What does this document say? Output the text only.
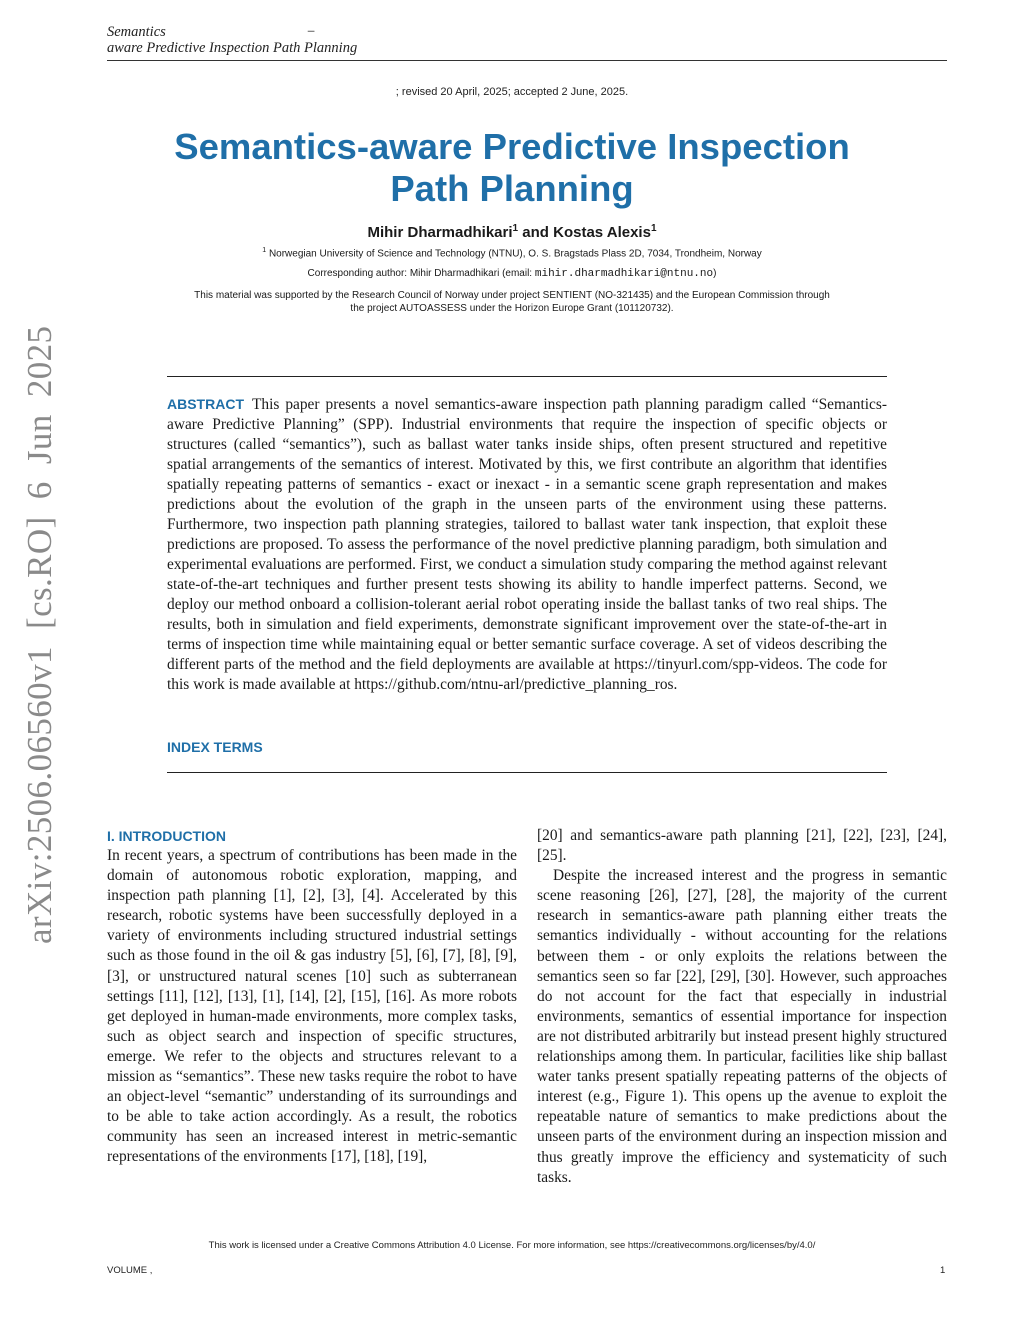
Semantics	−
aware Predictive Inspection Path Planning
; revised 20 April, 2025; accepted 2 June, 2025.
Semantics-aware Predictive Inspection Path Planning
Mihir Dharmadhikari$^1$ and Kostas Alexis$^1$
$^1$ Norwegian University of Science and Technology (NTNU), O. S. Bragstads Plass 2D, 7034, Trondheim, Norway
Corresponding author: Mihir Dharmadhikari (email: mihir.dharmadhikari@ntnu.no)
This material was supported by the Research Council of Norway under project SENTIENT (NO-321435) and the European Commission through the project AUTOASSESS under the Horizon Europe Grant (101120732).
arXiv:2506.06560v1 [cs.RO] 6 Jun 2025	ABSTRACT This paper presents a novel semantics-aware inspection path planning paradigm called “Semantics-aware Predictive Planning” (SPP). Industrial environments that require the inspection of specific objects or structures (called “semantics”), such as ballast water tanks inside ships, often present structured and repetitive spatial arrangements of the semantics of interest. Motivated by this, we first contribute an algorithm that identifies spatially repeating patterns of semantics - exact or inexact - in a semantic scene graph representation and makes predictions about the evolution of the graph in the unseen parts of the environment using these patterns. Furthermore, two inspection path planning strategies, tailored to ballast water tank inspection, that exploit these predictions are proposed. To assess the performance of the novel predictive planning paradigm, both simulation and experimental evaluations are performed. First, we conduct a simulation study comparing the method against relevant state-of-the-art techniques and further present tests showing its ability to handle imperfect patterns. Second, we deploy our method onboard a collision-tolerant aerial robot operating inside the ballast tanks of two real ships. The results, both in simulation and field experiments, demonstrate significant improvement over the state-of-the-art in terms of inspection time while maintaining equal or better semantic surface coverage. A set of videos describing the different parts of the method and the field deployments are available at https://tinyurl.com/spp-videos. The code for this work is made available at https://github.com/ntnu-arl/predictive_planning_ros.
INDEX TERMS
I. INTRODUCTION

In recent years, a spectrum of contributions has been made in the domain of autonomous robotic exploration, mapping, and inspection path planning [1], [2], [3], [4]. Accelerated by this research, robotic systems have been successfully deployed in a variety of environments including structured industrial settings such as those found in the oil & gas industry [5], [6], [7], [8], [9], [3], or unstructured natural scenes [10] such as subterranean settings [11], [12], [13], [1], [14], [2], [15], [16]. As more robots get deployed in human-made environments, more complex tasks, such as object search and inspection of specific structures, emerge. We refer to the objects and structures relevant to a mission as “semantics”. These new tasks require the robot to have an object-level “semantic” understanding of its surroundings and to be able to take action accordingly. As a result, the robotics community has seen an increased interest in metric-semantic representations of the environments [17], [18], [19],

[20] and semantics-aware path planning [21], [22], [23], [24], [25].

Despite the increased interest and the progress in semantic scene reasoning [26], [27], [28], the majority of the current research in semantics-aware path planning either treats the semantics individually - without accounting for the relations between them - or only exploits the relations between the semantics seen so far [22], [29], [30]. However, such approaches do not account for the fact that especially in industrial environments, semantics of essential importance for inspection are not distributed arbitrarily but instead present highly structured relationships among them. In particular, facilities like ship ballast water tanks present spatially repeating patterns of the objects of interest (e.g., Figure 1). This opens up the avenue to exploit the repeatable nature of semantics to make predictions about the unseen parts of the environment during an inspection mission and thus greatly improve the efficiency and systematicity of such tasks.

This work is licensed under a Creative Commons Attribution 4.0 License. For more information, see https://creativecommons.org/licenses/by/4.0/
VOLUME ,	1
